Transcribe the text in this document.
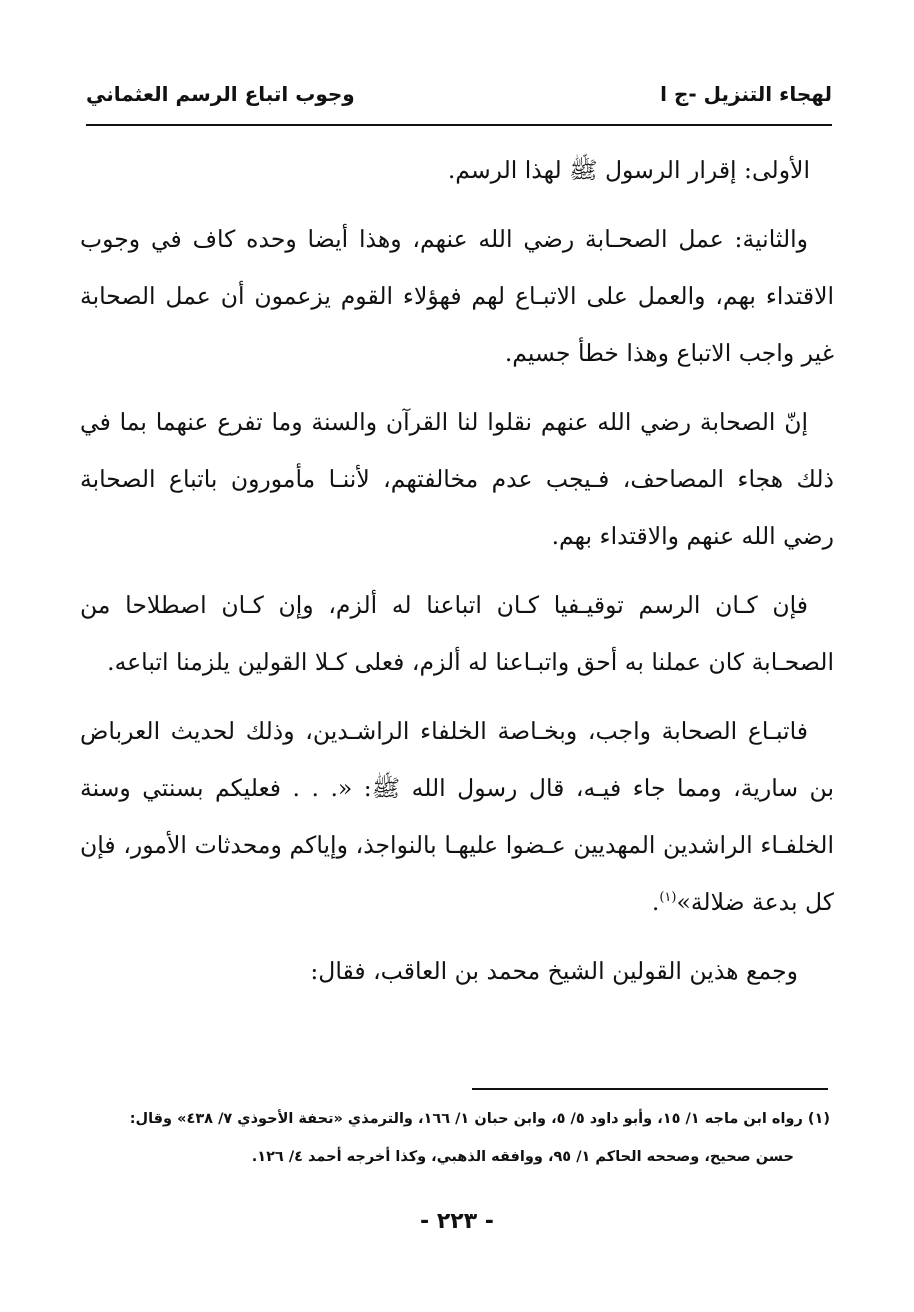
لهجاء التنزيل -ج ا
وجوب اتباع الرسم العثماني

الأولى: إقرار الرسول ﷺ لهذا الرسم.

والثانية: عمل الصحـابة رضي الله عنهم، وهذا أيضا وحده كاف في وجوب الاقتداء بهم، والعمل على الاتبـاع لهم فهؤلاء القوم يزعمون أن عمل الصحابة غير واجب الاتباع وهذا خطأ جسيم.

إنّ الصحابة رضي الله عنهم نقلوا لنا القرآن والسنة وما تفرع عنهما بما في ذلك هجاء المصاحف، فـيجب عدم مخالفتهم، لأننـا مأمورون باتباع الصحابة رضي الله عنهم والاقتداء بهم.

فإن كـان الرسم توقيـفيا كـان اتباعنا له ألزم، وإن كـان اصطلاحا من الصحـابة كان عملنا به أحق واتبـاعنا له ألزم، فعلى كـلا القولين يلزمنا اتباعه.

فاتبـاع الصحابة واجب، وبخـاصة الخلفاء الراشـدين، وذلك لحديث العرباض بن سارية، ومما جاء فيـه، قال رسول الله ﷺ: «. . . فعليكم بسنتي وسنة الخلفـاء الراشدين المهديين عـضوا عليهـا بالنواجذ، وإياكم ومحدثات الأمور، فإن كل بدعة ضلالة»$^{(١)}$.

وجمع هذين القولين الشيخ محمد بن العاقب، فقال:

(١) رواه ابن ماجه ١/ ١٥، وأبو داود ٥/ ٥، وابن حبان ١/ ١٦٦، والترمذي «تحفة الأحوذي ٧/ ٤٣٨» وقال:

حسن صحيح، وصححه الحاكم ١/ ٩٥، ووافقه الذهبي، وكذا أخرجه أحمد ٤/ ١٢٦.

- ٢٢٣ -
